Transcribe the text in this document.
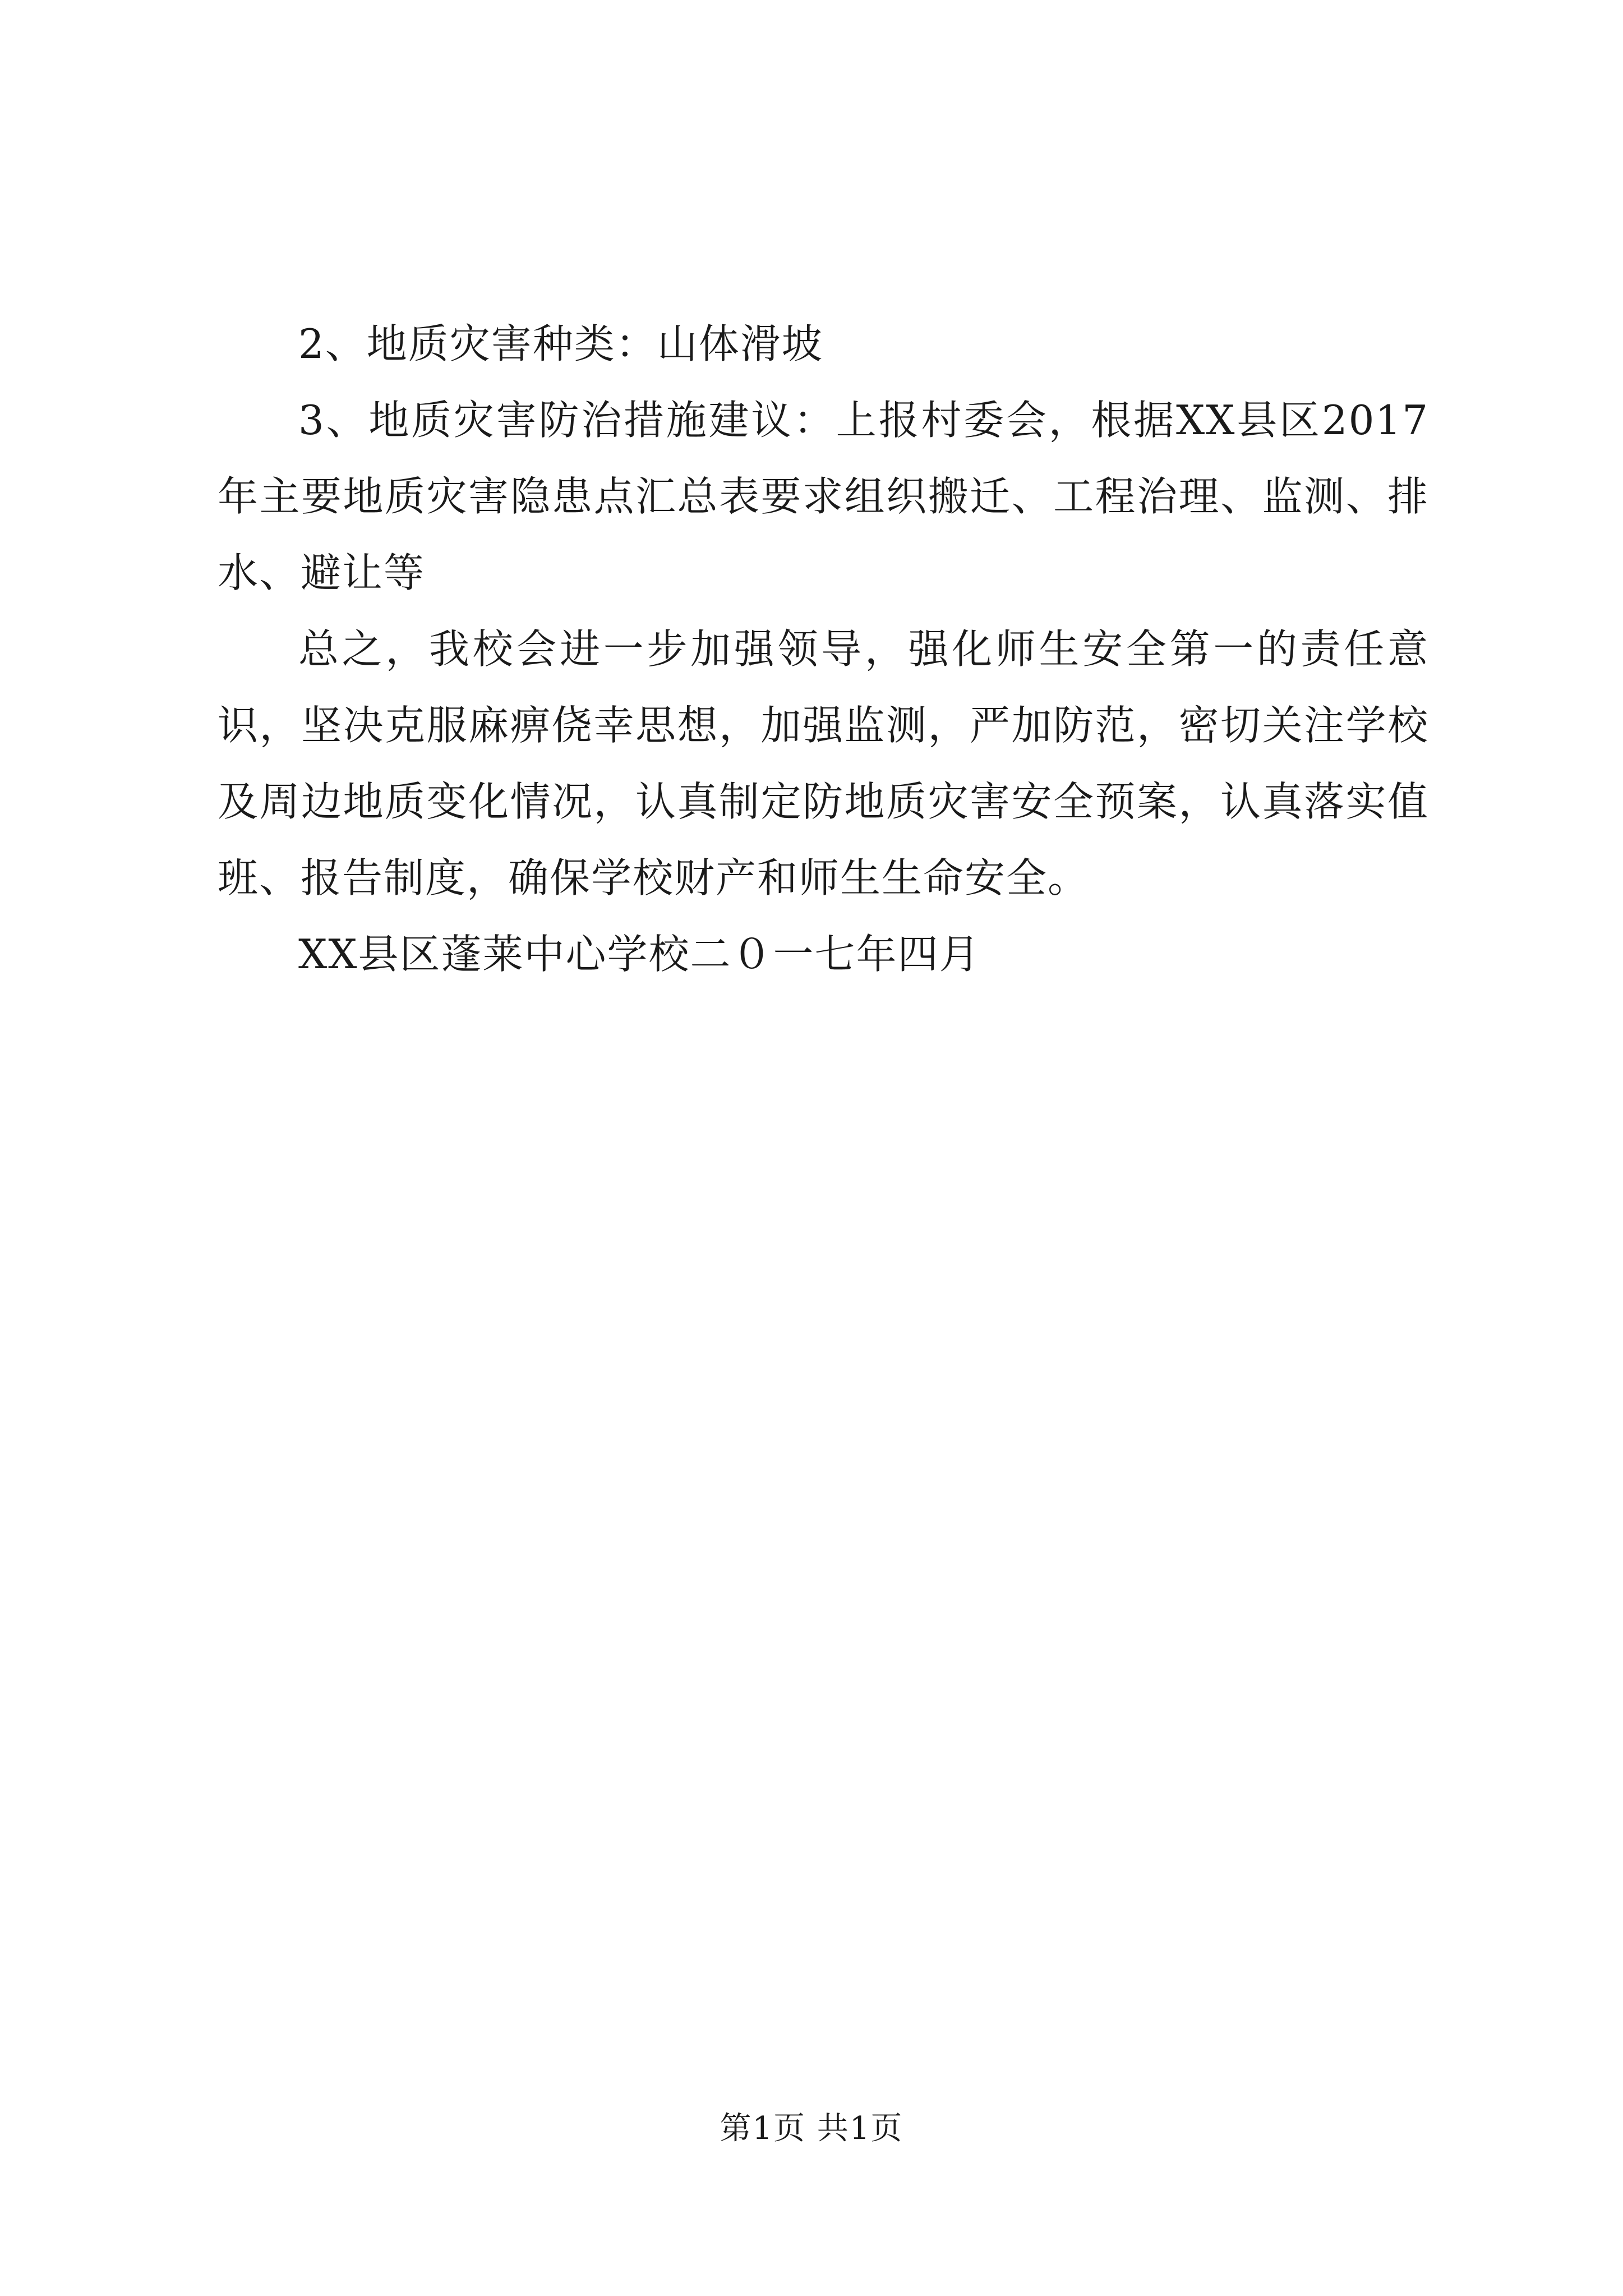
2、地质灾害种类：山体滑坡

3、地质灾害防治措施建议：上报村委会，根据XX县区2017年主要地质灾害隐患点汇总表要求组织搬迁、工程治理、监测、排水、避让等

总之，我校会进一步加强领导，强化师生安全第一的责任意识，坚决克服麻痹侥幸思想，加强监测，严加防范，密切关注学校及周边地质变化情况，认真制定防地质灾害安全预案，认真落实值班、报告制度，确保学校财产和师生生命安全。

XX县区蓬莱中心学校二０一七年四月

第1页 共1页
